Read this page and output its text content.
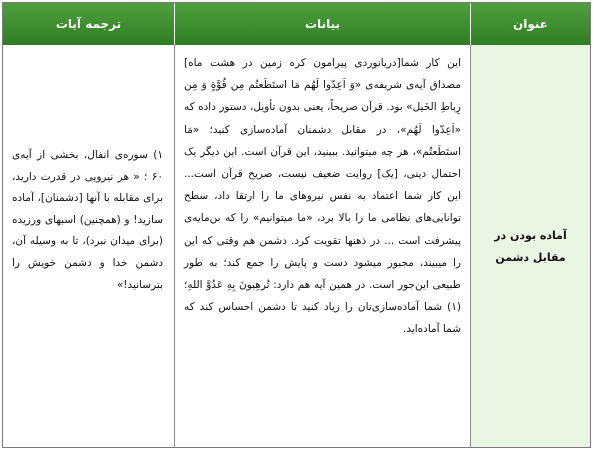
ترجمه آیات	بیانات	عنوان
۱) سوره‌ی انفال، بخشی از آیه‌ی ۶۰ ؛ « هر نیرویی در قدرت دارید، برای مقابله با آنها [دشمنان]، آماده سازید! و (همچنین) اسبهای ورزیده (برای میدان نبرد)، تا به وسیله آن، دشمن خدا و دشمن خویش را بترسانید!»
این کار شما[دریانوردی پیرامون کره زمین در هشت ماه] مصداق آیه‌ی شریفه‌ی «وَ اَعِدّوا لَهُم مَا استَطَعتُم مِن قُوَّةٍ وَ مِن رِباطِ الخَیل» بود. قرآن صریحاً، یعنی بدون تأویل، دستور داده که «اَعِدّوا لَهُم»، در مقابل دشمنان آماده‌سازی کنید؛ «مَا استَطَعتُم»، هر چه میتوانید. ببینید، این قرآن است. این دیگر یک احتمال دینی، [یک] روایت ضعیف نیست، صریح قرآن است... این کار شما اعتماد به نفس نیروهای ما را ارتقا داد، سطح توانایی‌های نظامی ما را بالا برد، «ما میتوانیم» را که بن‌مایه‌ی پیشرفت است ... در ذهنها تقویت کرد. دشمن هم وقتی که این را میبیند، مجبور میشود دست و پایش را جمع کند؛ به طور طبیعی این‌جور است. در همین آیه هم دارد: تُرهِبونَ بِهِ عَدُوَّ اللهِ؛(۱) شما آماده‌سازی‌تان را زیاد کنید تا دشمن احساس کند که شما آماده‌اید.
آماده بودن در مقابل دشمن
